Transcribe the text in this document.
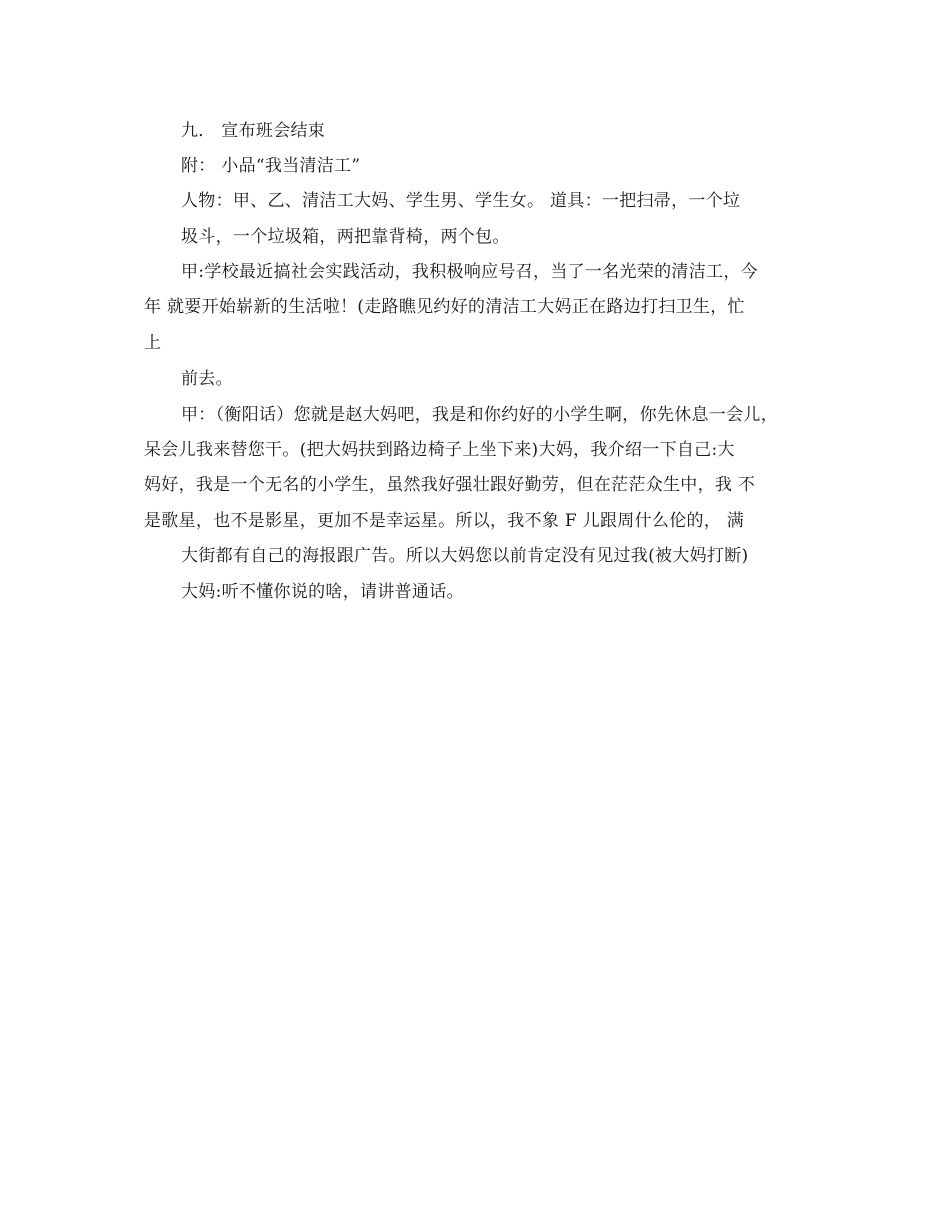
九． 宣布班会结束
附： 小品“我当清洁工”
人物：甲、乙、清洁工大妈、学生男、学生女。 道具：一把扫帚，一个垃
圾斗，一个垃圾箱，两把靠背椅，两个包。
甲:学校最近搞社会实践活动，我积极响应号召，当了一名光荣的清洁工，今
年 就要开始崭新的生活啦！(走路瞧见约好的清洁工大妈正在路边打扫卫生，忙
上
前去。
甲：（衡阳话）您就是赵大妈吧，我是和你约好的小学生啊，你先休息一会儿，
呆会儿我来替您干。(把大妈扶到路边椅子上坐下来)大妈，我介绍一下自己:大
妈好，我是一个无名的小学生，虽然我好强壮跟好勤劳，但在茫茫众生中，我 不
是歌星，也不是影星，更加不是幸运星。所以，我不象 F 儿跟周什么伦的， 满
大街都有自己的海报跟广告。所以大妈您以前肯定没有见过我(被大妈打断)
大妈:听不懂你说的啥，请讲普通话。
